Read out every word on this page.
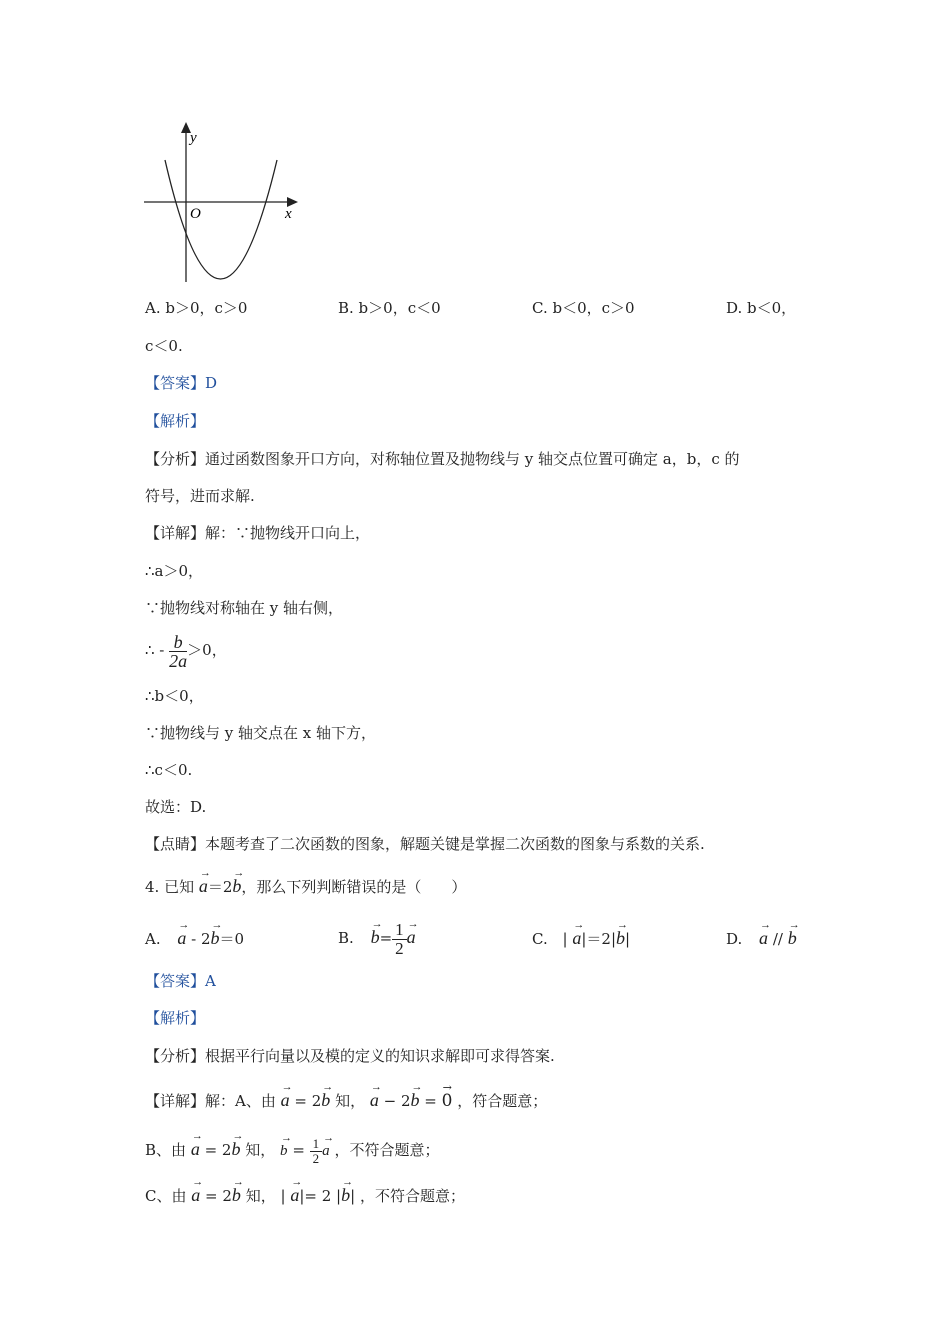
y
x
O
A. b＞0，c＞0	B. b＞0，c＜0	C. b＜0，c＞0	D. b＜0，
c＜0.
【答案】D
【解析】
【分析】通过函数图象开口方向，对称轴位置及抛物线与 y 轴交点位置可确定 a，b，c 的
符号，进而求解.
【详解】解：∵抛物线开口向上，
∴a＞0，
∵抛物线对称轴在 y 轴右侧，
∴ - $\frac{b}{2a} >0$，
∴b＜0，
∵抛物线与 y 轴交点在 x 轴下方，
∴c＜0.
故选：D.
【点睛】本题考查了二次函数的图象，解题关键是掌握二次函数的图象与系数的关系.
4. 已知 → a＝2→ b，那么下列判断错误的是（　　）
A. → a - 2→ b＝0	B. → $b= \frac{1}{2}$
→ a	C. | → a|＝2|→ b|	D. → a // → b
【答案】A
【解析】
【分析】根据平行向量以及模的定义的知识求解即可求得答案.
【详解】解：A、由 → a = 2→ b 知， → a − 2→ b = → 0 ，符合题意；
B、由 → a = 2→ b 知， → $b = \frac{1}{2}$
→ a ，不符合题意；
C、由 → a = 2→ b 知， | → a|= 2 |→ b| ，不符合题意；
